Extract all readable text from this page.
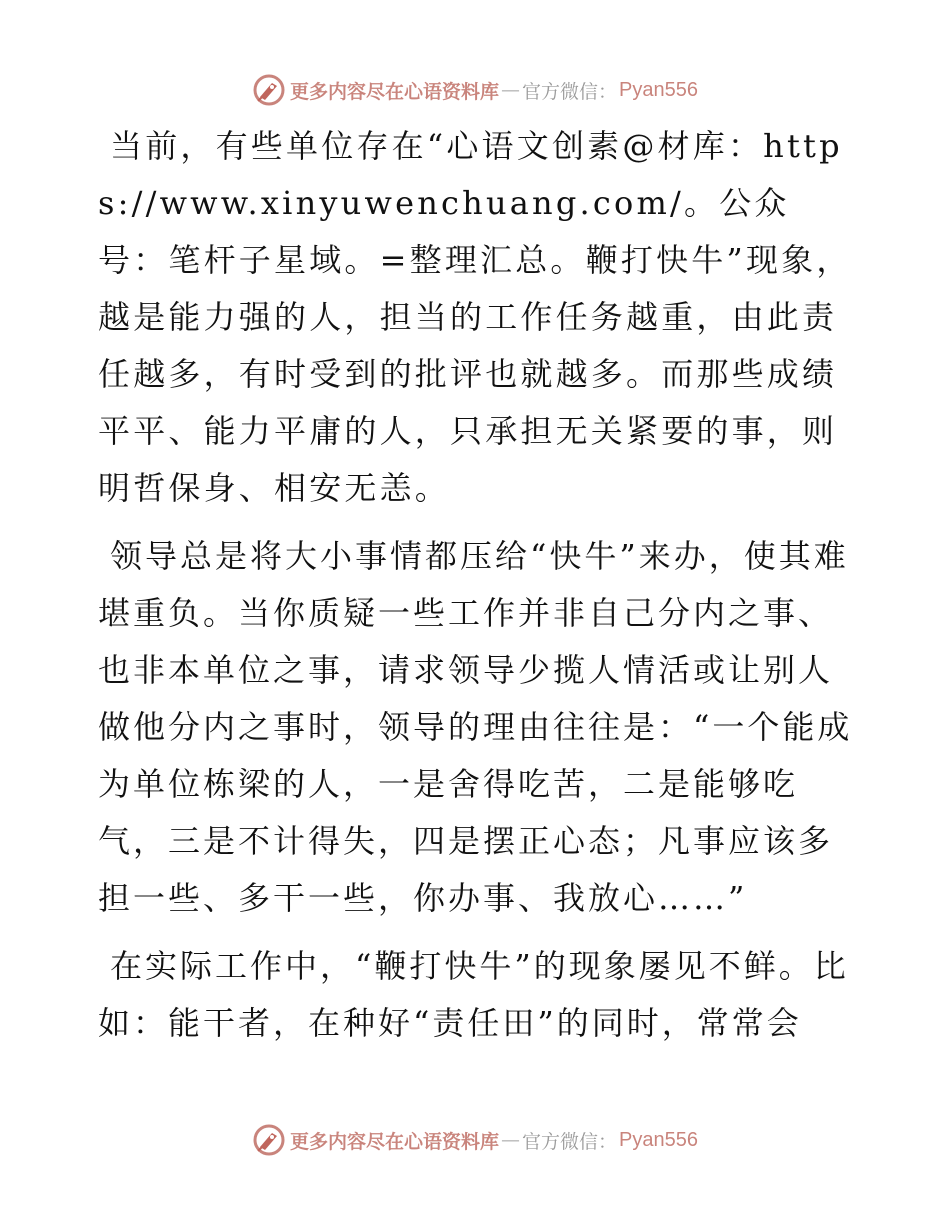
更多内容尽在心语资料库 — 官方微信： Pyan556

当前，有些单位存在“心语文创素@材库：https://www.xinyuwenchuang.com/。公众号：笔杆子星域。=整理汇总。鞭打快牛”现象，越是能力强的人，担当的工作任务越重，由此责任越多，有时受到的批评也就越多。而那些成绩平平、能力平庸的人，只承担无关紧要的事，则明哲保身、相安无恙。

领导总是将大小事情都压给“快牛”来办，使其难堪重负。当你质疑一些工作并非自己分内之事、也非本单位之事，请求领导少揽人情活或让别人做他分内之事时，领导的理由往往是：“一个能成为单位栋梁的人，一是舍得吃苦，二是能够吃气，三是不计得失，四是摆正心态；凡事应该多担一些、多干一些，你办事、我放心……”

在实际工作中，“鞭打快牛”的现象屡见不鲜。比如：能干者，在种好“责任田”的同时，常常会

更多内容尽在心语资料库 — 官方微信： Pyan556
